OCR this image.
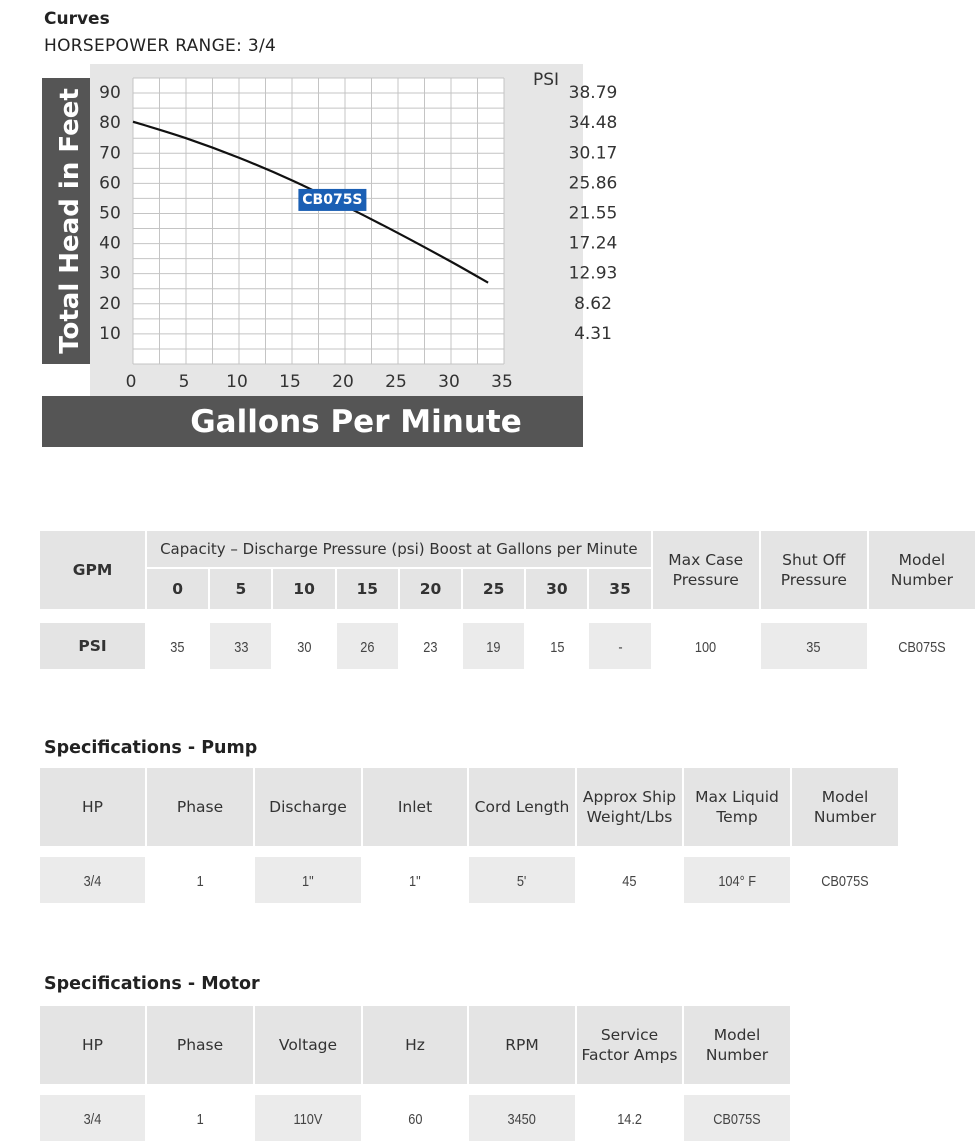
Curves
HORSEPOWER RANGE: 3/4
CB075S
10	4.31
20	8.62
30	12.93
40	17.24
50	21.55
60	25.86
70	30.17
80	34.48
90	38.79
0 5 10 15 20 25 30 35
Total Head in Feet
Gallons Per Minute
PSI
GPM	Capacity – Discharge Pressure (psi) Boost at Gallons per Minute								Max Case Pressure	Shut Off Pressure	Model Number
	0	5	10	15	20	25	30	35			

PSI	35	33	30	26	23	19	15	-	100	35	CB075S
Specifications - Pump
HP	Phase	Discharge	Inlet	Cord Length	Approx Ship Weight/Lbs	Max Liquid Temp	Model Number

3/4	1	1"	1"	5'	45	104° F	CB075S
Specifications - Motor
HP	Phase	Voltage	Hz	RPM	Service Factor Amps	Model Number

3/4	1	110V	60	3450	14.2	CB075S
